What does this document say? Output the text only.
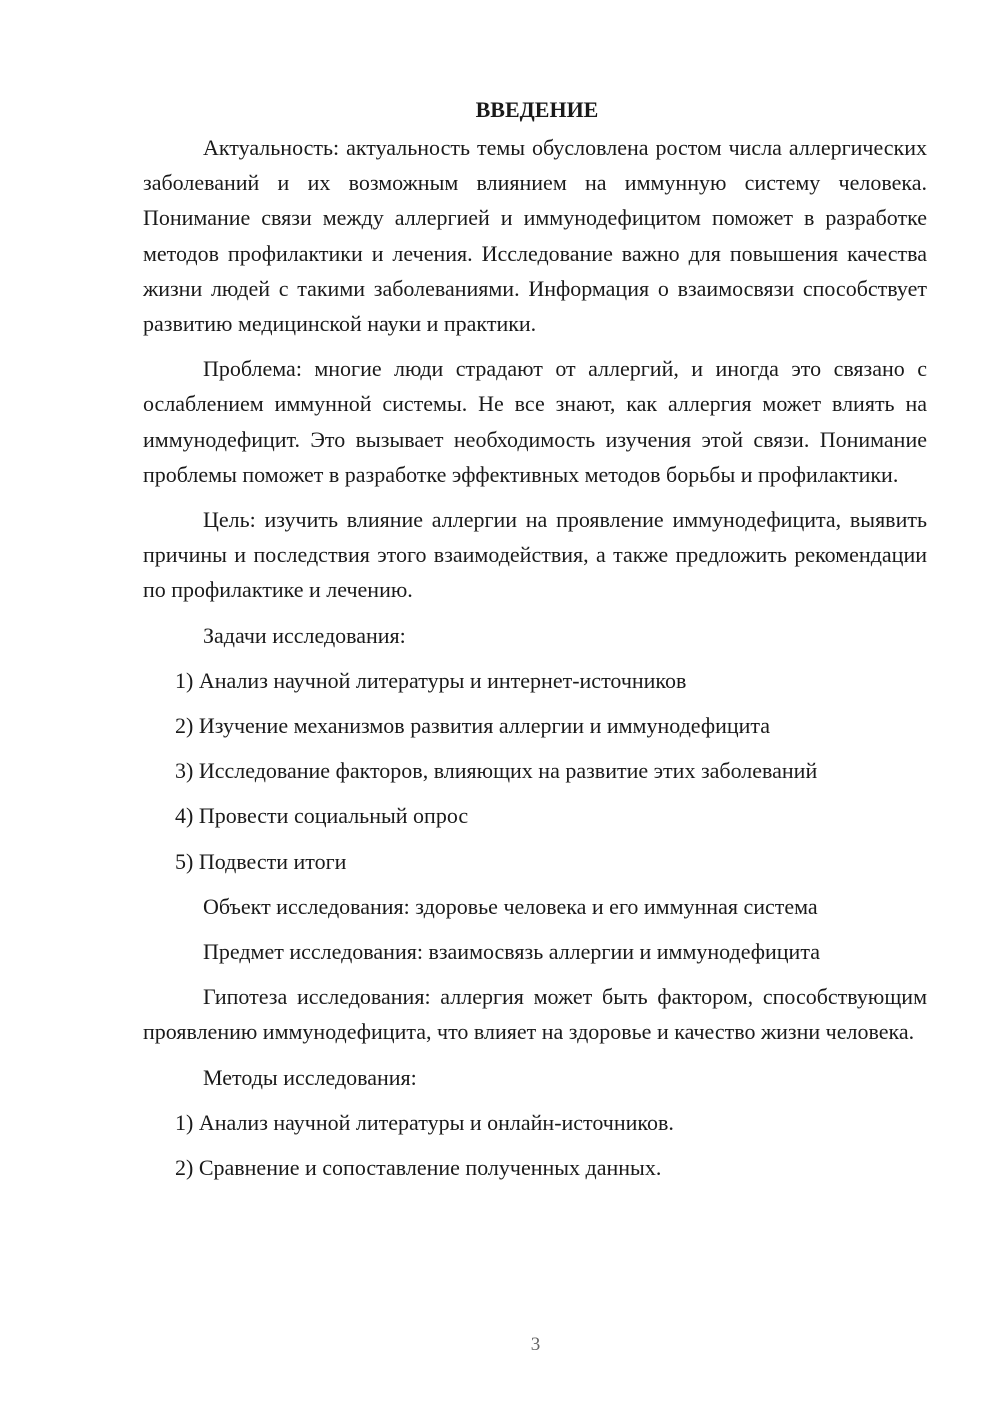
ВВЕДЕНИЕ

Актуальность: актуальность темы обусловлена ростом числа аллергических заболеваний и их возможным влиянием на иммунную систему человека. Понимание связи между аллергией и иммунодефицитом поможет в разработке методов профилактики и лечения. Исследование важно для повышения качества жизни людей с такими заболеваниями. Информация о взаимосвязи способствует развитию медицинской науки и практики.

Проблема: многие люди страдают от аллергий, и иногда это связано с ослаблением иммунной системы. Не все знают, как аллергия может влиять на иммунодефицит. Это вызывает необходимость изучения этой связи. Понимание проблемы поможет в разработке эффективных методов борьбы и профилактики.

Цель: изучить влияние аллергии на проявление иммунодефицита, выявить причины и последствия этого взаимодействия, а также предложить рекомендации по профилактике и лечению.

Задачи исследования:

1) Анализ научной литературы и интернет-источников

2) Изучение механизмов развития аллергии и иммунодефицита

3) Исследование факторов, влияющих на развитие этих заболеваний

4) Провести социальный опрос

5) Подвести итоги

Объект исследования: здоровье человека и его иммунная система

Предмет исследования: взаимосвязь аллергии и иммунодефицита

Гипотеза исследования: аллергия может быть фактором, способствующим проявлению иммунодефицита, что влияет на здоровье и качество жизни человека.

Методы исследования:

1) Анализ научной литературы и онлайн-источников.

2) Сравнение и сопоставление полученных данных.

3
